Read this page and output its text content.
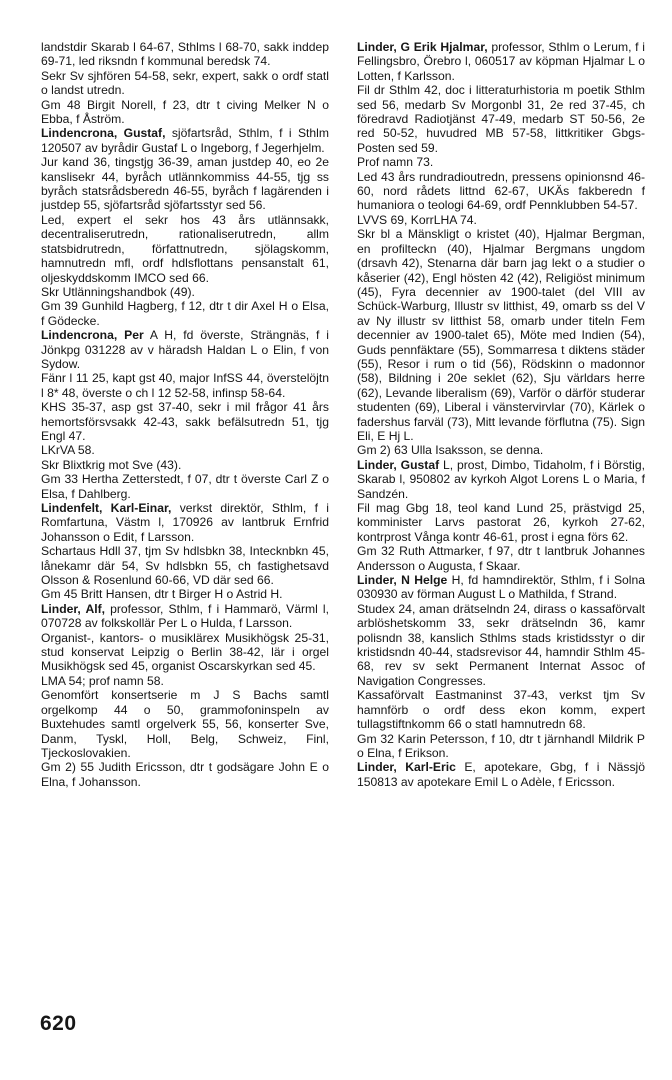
landstdir Skarab l 64-67, Sthlms l 68-70, sakk inddep 69-71, led riksndn f kommunal beredsk 74.
Sekr Sv sjhfören 54-58, sekr, expert, sakk o ordf statl o landst utredn.
Gm 48 Birgit Norell, f 23, dtr t civing Melker N o Ebba, f Åström.
Lindencrona, Gustaf, sjöfartsråd, Sthlm, f i Sthlm 120507 av byrådir Gustaf L o Ingeborg, f Jegerhjelm.
Jur kand 36, tingstjg 36-39, aman justdep 40, eo 2e kanslisekr 44, byråch utlännkommiss 44-55, tjg ss byråch statsrådsberedn 46-55, byråch f lagärenden i justdep 55, sjöfartsråd sjöfartsstyr sed 56.
Led, expert el sekr hos 43 års utlännsakk, decentraliserutredn, rationaliserutredn, allm statsbidrutredn, författnutredn, sjölagskomm, hamnutredn mfl, ordf hdlsflottans pensanstalt 61, oljeskyddskomm IMCO sed 66.
Skr Utlänningshandbok (49).
Gm 39 Gunhild Hagberg, f 12, dtr t dir Axel H o Elsa, f Gödecke.
Lindencrona, Per A H, fd överste, Strängnäs, f i Jönkpg 031228 av v häradsh Haldan L o Elin, f von Sydow.
Fänr l 11 25, kapt gst 40, major InfSS 44, överstelöjtn l 8* 48, överste o ch l 12 52-58, infinsp 58-64.
KHS 35-37, asp gst 37-40, sekr i mil frågor 41 års hemortsförsvsakk 42-43, sakk befälsutredn 51, tjg Engl 47.
LKrVA 58.
Skr Blixtkrig mot Sve (43).
Gm 33 Hertha Zetterstedt, f 07, dtr t överste Carl Z o Elsa, f Dahlberg.
Lindenfelt, Karl-Einar, verkst direktör, Sthlm, f i Romfartuna, Västm l, 170926 av lantbruk Ernfrid Johansson o Edit, f Larsson.
Schartaus Hdll 37, tjm Sv hdlsbkn 38, Intecknbkn 45, lånekamr där 54, Sv hdlsbkn 55, ch fastighetsavd Olsson & Rosenlund 60-66, VD där sed 66.
Gm 45 Britt Hansen, dtr t Birger H o Astrid H.
Linder, Alf, professor, Sthlm, f i Hammarö, Värml l, 070728 av folkskollär Per L o Hulda, f Larsson.
Organist-, kantors- o musiklärex Musikhögsk 25-31, stud konservat Leipzig o Berlin 38-42, lär i orgel Musikhögsk sed 45, organist Oscarskyrkan sed 45.
LMA 54; prof namn 58.
Genomfört konsertserie m J S Bachs samtl orgelkomp 44 o 50, grammofoninspeln av Buxtehudes samtl orgelverk 55, 56, konserter Sve, Danm, Tyskl, Holl, Belg, Schweiz, Finl, Tjeckoslovakien.
Gm 2) 55 Judith Ericsson, dtr t godsägare John E o Elna, f Johansson.
Linder, G Erik Hjalmar, professor, Sthlm o Lerum, f i Fellingsbro, Örebro l, 060517 av köpman Hjalmar L o Lotten, f Karlsson.
Fil dr Sthlm 42, doc i litteraturhistoria m poetik Sthlm sed 56, medarb Sv Morgonbl 31, 2e red 37-45, ch föredravd Radiotjänst 47-49, medarb ST 50-56, 2e red 50-52, huvudred MB 57-58, littkritiker Gbgs-Posten sed 59.
Prof namn 73.
Led 43 års rundradioutredn, pressens opinionsnd 46-60, nord rådets littnd 62-67, UKÄs fakberedn f humaniora o teologi 64-69, ordf Pennklubben 54-57.
LVVS 69, KorrLHA 74.
Skr bl a Mänskligt o kristet (40), Hjalmar Bergman, en profilteckn (40), Hjalmar Bergmans ungdom (drsavh 42), Stenarna där barn jag lekt o a studier o kåserier (42), Engl hösten 42 (42), Religiöst minimum (45), Fyra decennier av 1900-talet (del VIII av Schück-Warburg, Illustr sv litthist, 49, omarb ss del V av Ny illustr sv litthist 58, omarb under titeln Fem decennier av 1900-talet 65), Möte med Indien (54), Guds pennfäktare (55), Sommarresa t diktens städer (55), Resor i rum o tid (56), Rödskinn o madonnor (58), Bildning i 20e seklet (62), Sju världars herre (62), Levande liberalism (69), Varför o därför studerar studenten (69), Liberal i vänstervirvlar (70), Kärlek o fadershus farväl (73), Mitt levande förflutna (75). Sign Eli, E Hj L.
Gm 2) 63 Ulla Isaksson, se denna.
Linder, Gustaf L, prost, Dimbo, Tidaholm, f i Börstig, Skarab l, 950802 av kyrkoh Algot Lorens L o Maria, f Sandzén.
Fil mag Gbg 18, teol kand Lund 25, prästvigd 25, komminister Larvs pastorat 26, kyrkoh 27-62, kontrprost Vånga kontr 46-61, prost i egna förs 62.
Gm 32 Ruth Attmarker, f 97, dtr t lantbruk Johannes Andersson o Augusta, f Skaar.
Linder, N Helge H, fd hamndirektör, Sthlm, f i Solna 030930 av förman August L o Mathilda, f Strand.
Studex 24, aman drätselndn 24, dirass o kassaförvalt arblöshetskomm 33, sekr drätselndn 36, kamr polisndn 38, kanslich Sthlms stads kristidsstyr o dir kristidsndn 40-44, stadsrevisor 44, hamndir Sthlm 45-68, rev sv sekt Permanent Internat Assoc of Navigation Congresses.
Kassaförvalt Eastmaninst 37-43, verkst tjm Sv hamnförb o ordf dess ekon komm, expert tullagstiftnkomm 66 o statl hamnutredn 68.
Gm 32 Karin Petersson, f 10, dtr t järnhandl Mildrik P o Elna, f Erikson.
Linder, Karl-Eric E, apotekare, Gbg, f i Nässjö 150813 av apotekare Emil L o Adèle, f Ericsson.
620
